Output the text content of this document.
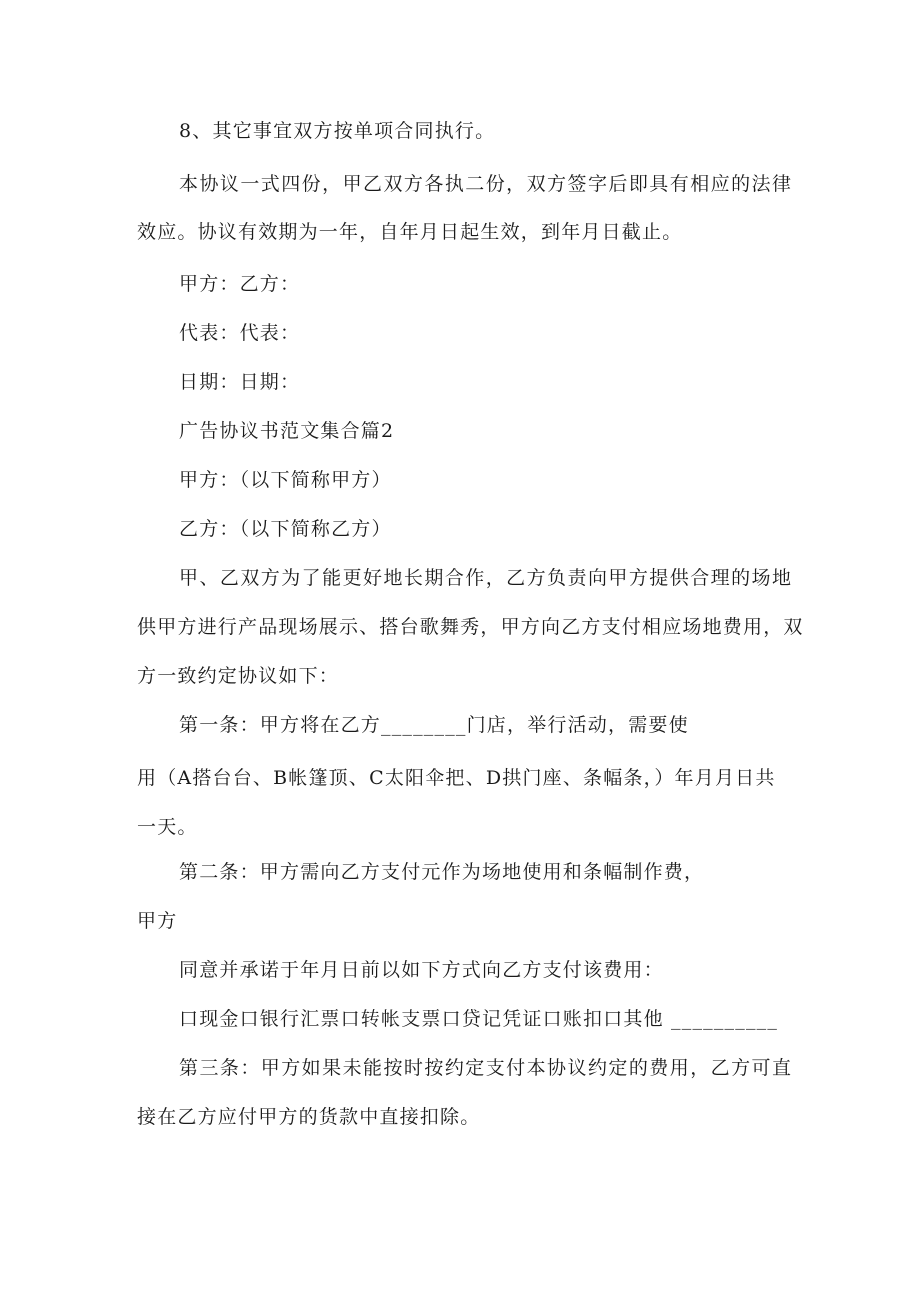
8、其它事宜双方按单项合同执行。
本协议一式四份，甲乙双方各执二份，双方签字后即具有相应的法律
效应。协议有效期为一年，自年月日起生效，到年月日截止。
甲方：乙方：
代表：代表：
日期：日期：
广告协议书范文集合篇2
甲方：（以下简称甲方）
乙方：（以下简称乙方）
甲、乙双方为了能更好地长期合作，乙方负责向甲方提供合理的场地
供甲方进行产品现场展示、搭台歌舞秀，甲方向乙方支付相应场地费用，双
方一致约定协议如下：
第一条：甲方将在乙方________门店，举行活动，需要使
用（A搭台台、B帐篷顶、C太阳伞把、D拱门座、条幅条，）年月月日共
一天。
第二条：甲方需向乙方支付元作为场地使用和条幅制作费，
甲方
同意并承诺于年月日前以如下方式向乙方支付该费用：
口现金口银行汇票口转帐支票口贷记凭证口账扣口其他 __________
第三条：甲方如果未能按时按约定支付本协议约定的费用，乙方可直
接在乙方应付甲方的货款中直接扣除。
